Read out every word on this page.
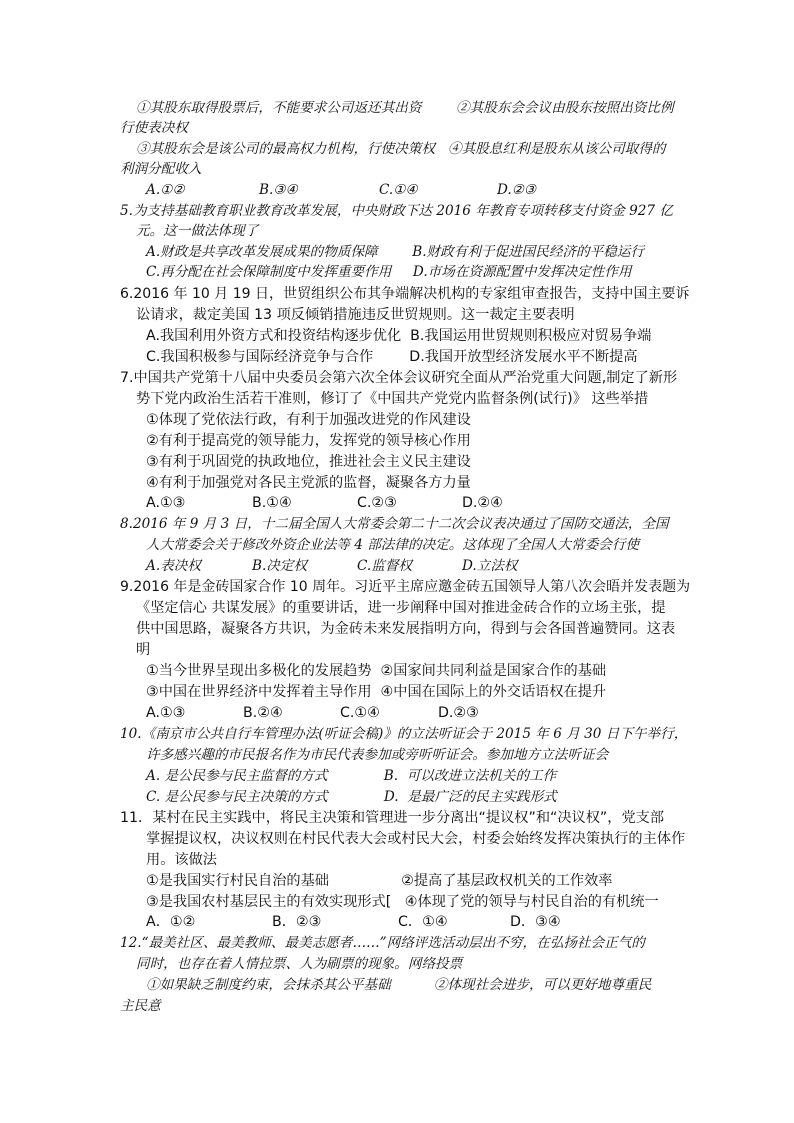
①其股东取得股票后，不能要求公司返还其出资        ②其股东会会议由股东按照出资比例
行使表决权
③其股东会是该公司的最高权力机构，行使决策权   ④其股息红利是股东从该公司取得的
利润分配收入
A.①②	B.③④	C.①④	D.②③
5.为支持基础教育职业教育改革发展，中央财政下达 2016 年教育专项转移支付资金 927 亿
元。这一做法体现了
A.财政是共享改革发展成果的物质保障        B.财政有利于促进国民经济的平稳运行
C.再分配在社会保障制度中发挥重要作用     D.市场在资源配置中发挥决定性作用
6.2016 年 10 月 19 日，世贸组织公布其争端解决机构的专家组审查报告，支持中国主要诉
讼请求，裁定美国 13 项反倾销措施违反世贸规则。这一裁定主要表明
A.我国利用外资方式和投资结构逐步优化  B.我国运用世贸规则积极应对贸易争端
C.我国积极参与国际经济竞争与合作        D.我国开放型经济发展水平不断提高
7.中国共产党第十八届中央委员会第六次全体会议研究全面从严治党重大问题,制定了新形
势下党内政治生活若干准则，修订了《中国共产党党内监督条例(试行)》 这些举措
①体现了党依法行政，有利于加强改进党的作风建设
②有利于提高党的领导能力，发挥党的领导核心作用
③有利于巩固党的执政地位，推进社会主义民主建设
④有利于加强党对各民主党派的监督，凝聚各方力量
A.①③	B.①④	C.②③	D.②④
8.2016 年 9 月 3 日，十二届全国人大常委会第二十二次会议表决通过了国防交通法，全国
人大常委会关于修改外资企业法等 4 部法律的决定。这体现了全国人大常委会行使
A.表决权	B.决定权	C.监督权	D.立法权
9.2016 年是金砖国家合作 10 周年。习近平主席应邀金砖五国领导人第八次会晤并发表题为
《坚定信心 共谋发展》的重要讲话，进一步阐释中国对推进金砖合作的立场主张，提
供中国思路，凝聚各方共识，为金砖未来发展指明方向，得到与会各国普遍赞同。这表
明
①当今世界呈现出多极化的发展趋势  ②国家间共同利益是国家合作的基础
③中国在世界经济中发挥着主导作用  ④中国在国际上的外交话语权在提升
A.①③	B.②④	C.①④	D.②③
10.《南京市公共自行车管理办法(听证会稿)》的立法听证会于 2015 年 6 月 30 日下午举行，
许多感兴趣的市民报名作为市民代表参加或旁听听证会。参加地方立法听证会
A. 是公民参与民主监督的方式             B.  可以改进立法机关的工作
C. 是公民参与民主决策的方式             D.  是最广泛的民主实践形式
11．某村在民主实践中，将民主决策和管理进一步分离出“提议权”和“决议权”，党支部
掌握提议权，决议权则在村民代表大会或村民大会，村委会始终发挥决策执行的主体作
用。该做法
①是我国实行村民自治的基础                ②提高了基层政权机关的工作效率
③是我国农村基层民主的有效实现形式[   ④体现了党的领导与村民自治的有机统一
A．①②	B．②③	C．①④	D．③④
12.“最美社区、最美教师、最美志愿者……”网络评选活动层出不穷，在弘扬社会正气的
同时，也存在着人情拉票、人为刷票的现象。网络投票
①如果缺乏制度约束，会抹杀其公平基础          ②体现社会进步，可以更好地尊重民
主民意
